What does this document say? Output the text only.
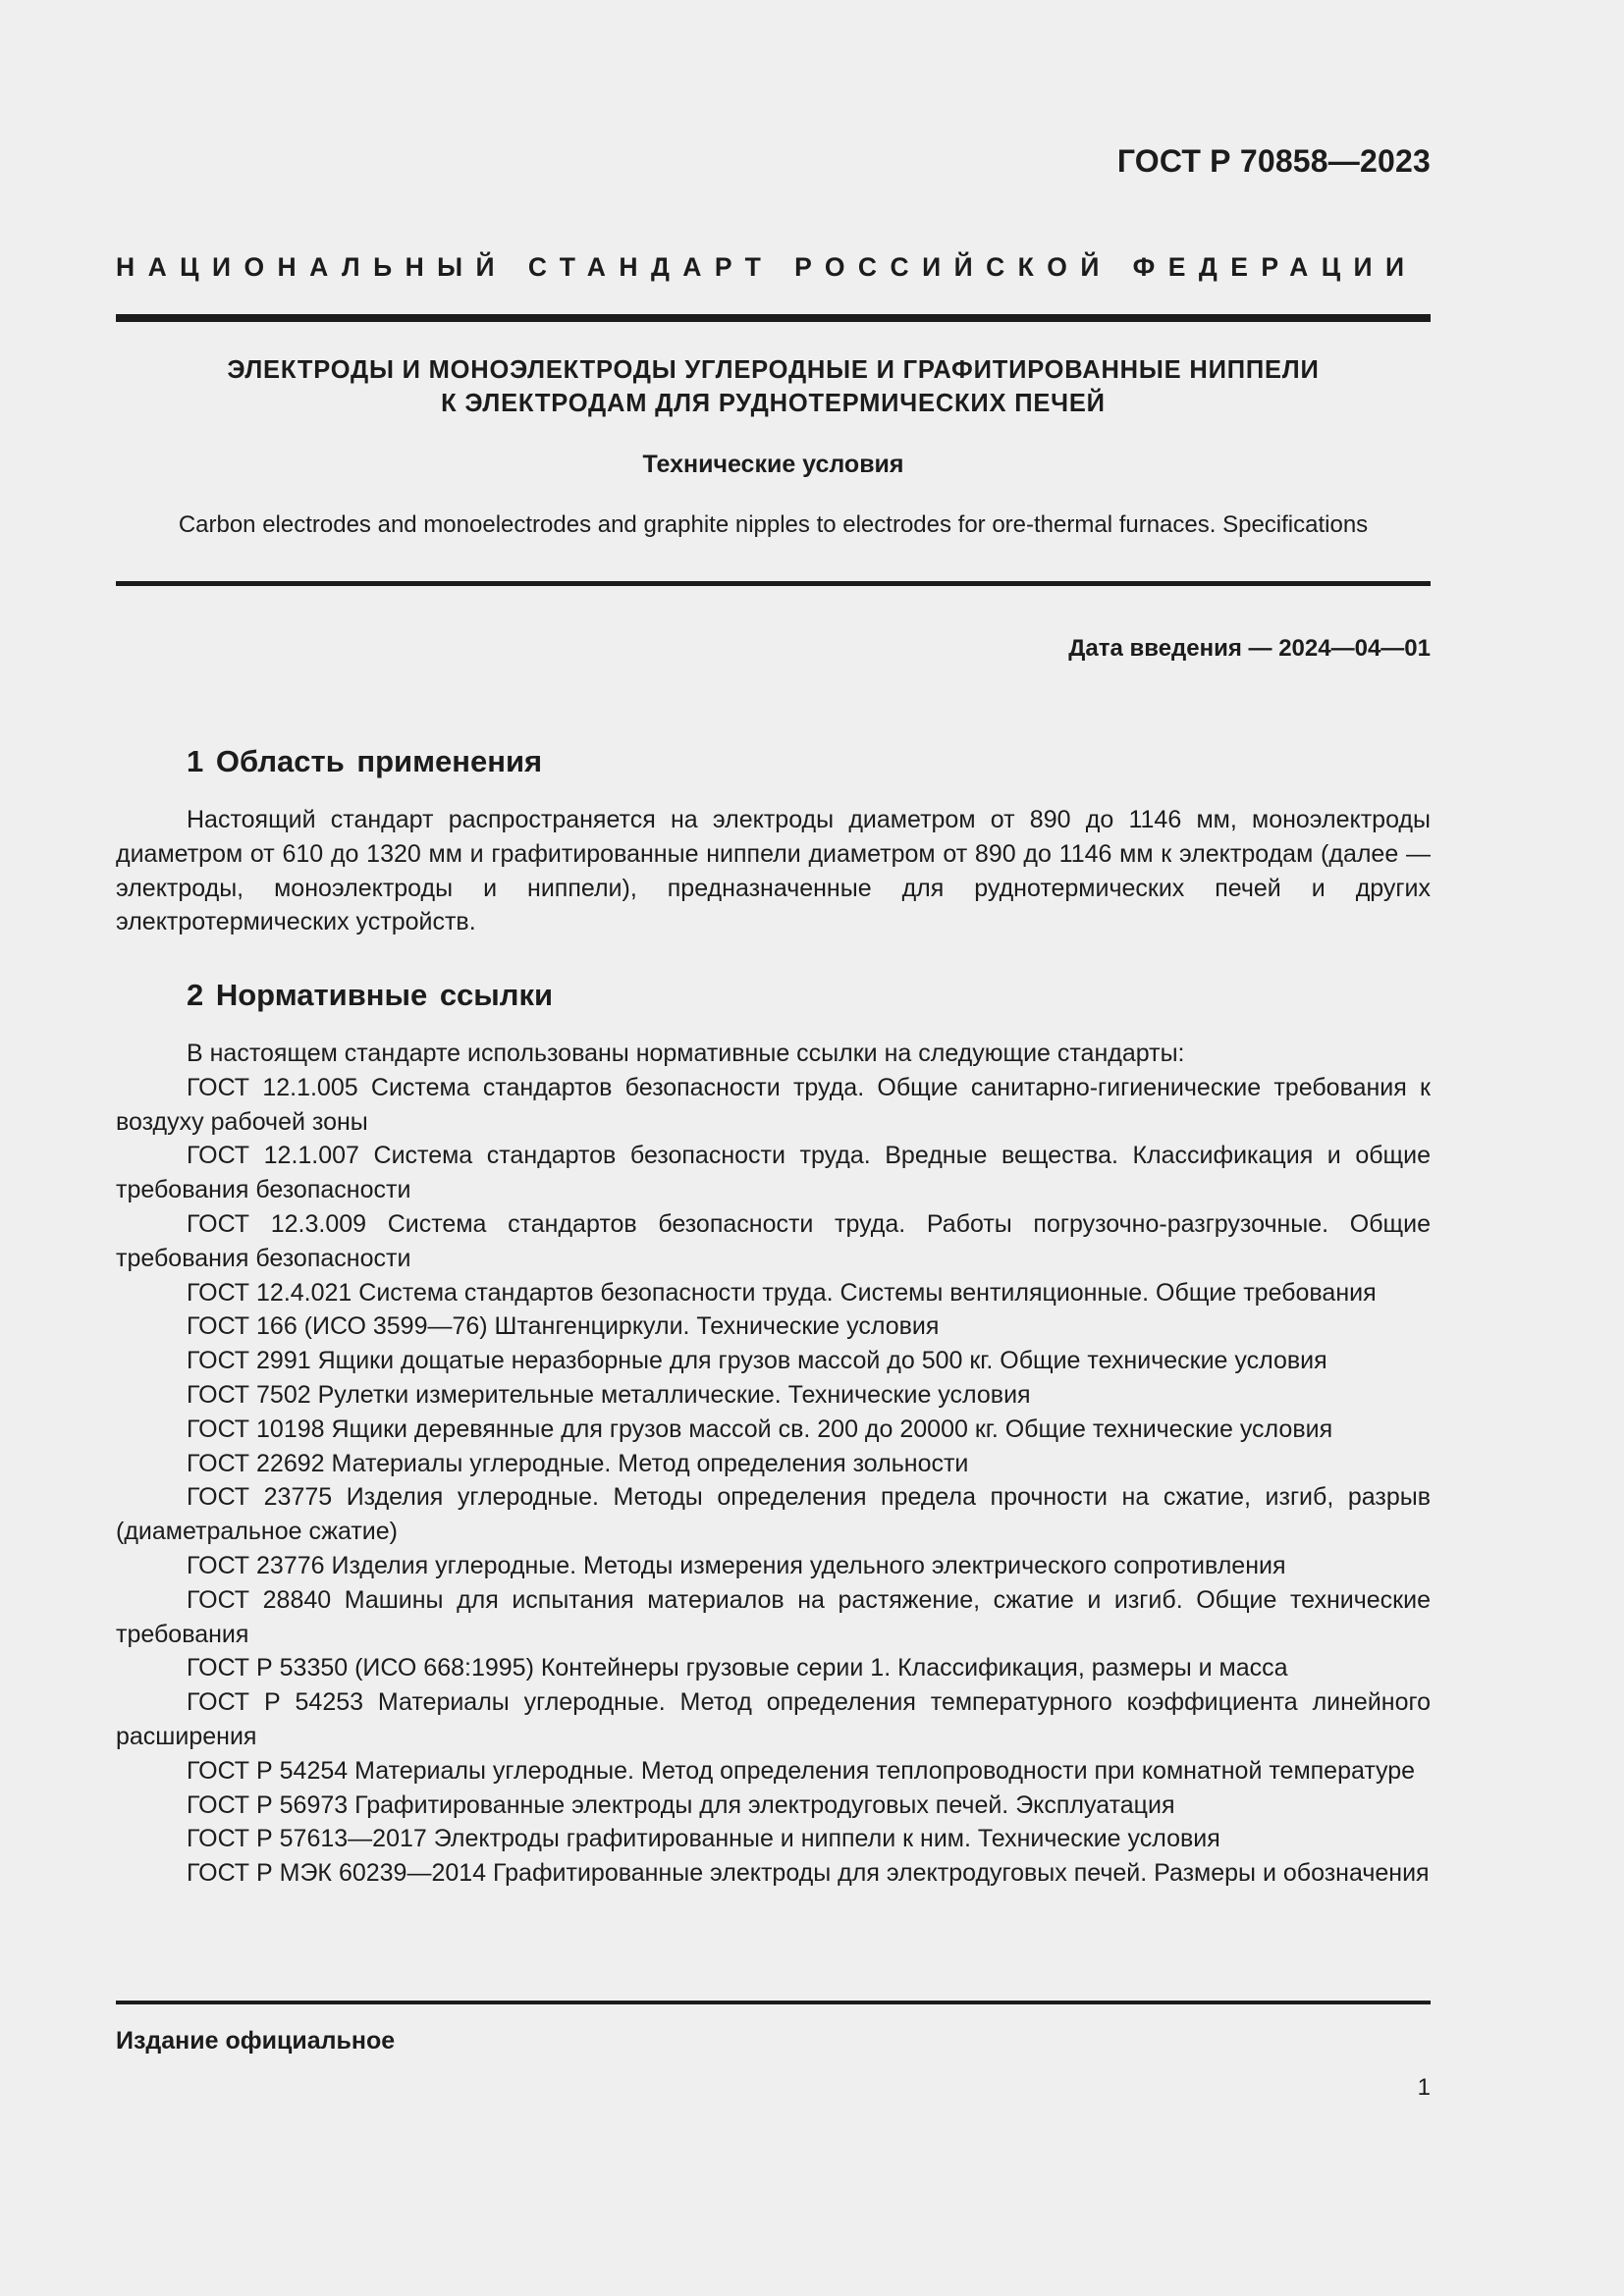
ГОСТ Р 70858—2023
НАЦИОНАЛЬНЫЙ СТАНДАРТ РОССИЙСКОЙ ФЕДЕРАЦИИ
ЭЛЕКТРОДЫ И МОНОЭЛЕКТРОДЫ УГЛЕРОДНЫЕ И ГРАФИТИРОВАННЫЕ НИППЕЛИ
К ЭЛЕКТРОДАМ ДЛЯ РУДНОТЕРМИЧЕСКИХ ПЕЧЕЙ
Технические условия
Carbon electrodes and monoelectrodes and graphite nipples to electrodes for ore-thermal furnaces. Specifications
Дата введения — 2024—04—01
1 Область применения

Настоящий стандарт распространяется на электроды диаметром от 890 до 1146 мм, моноэлектроды диаметром от 610 до 1320 мм и графитированные ниппели диаметром от 890 до 1146 мм к электродам (далее — электроды, моноэлектроды и ниппели), предназначенные для руднотермических печей и других электротермических устройств.

2 Нормативные ссылки

В настоящем стандарте использованы нормативные ссылки на следующие стандарты:

ГОСТ 12.1.005 Система стандартов безопасности труда. Общие санитарно-гигиенические требования к воздуху рабочей зоны

ГОСТ 12.1.007 Система стандартов безопасности труда. Вредные вещества. Классификация и общие требования безопасности

ГОСТ 12.3.009 Система стандартов безопасности труда. Работы погрузочно-разгрузочные. Общие требования безопасности

ГОСТ 12.4.021 Система стандартов безопасности труда. Системы вентиляционные. Общие требования

ГОСТ 166 (ИСО 3599—76) Штангенциркули. Технические условия

ГОСТ 2991 Ящики дощатые неразборные для грузов массой до 500 кг. Общие технические условия

ГОСТ 7502 Рулетки измерительные металлические. Технические условия

ГОСТ 10198 Ящики деревянные для грузов массой св. 200 до 20000 кг. Общие технические условия

ГОСТ 22692 Материалы углеродные. Метод определения зольности

ГОСТ 23775 Изделия углеродные. Методы определения предела прочности на сжатие, изгиб, разрыв (диаметральное сжатие)

ГОСТ 23776 Изделия углеродные. Методы измерения удельного электрического сопротивления

ГОСТ 28840 Машины для испытания материалов на растяжение, сжатие и изгиб. Общие технические требования

ГОСТ Р 53350 (ИСО 668:1995) Контейнеры грузовые серии 1. Классификация, размеры и масса

ГОСТ Р 54253 Материалы углеродные. Метод определения температурного коэффициента линейного расширения

ГОСТ Р 54254 Материалы углеродные. Метод определения теплопроводности при комнатной температуре

ГОСТ Р 56973 Графитированные электроды для электродуговых печей. Эксплуатация

ГОСТ Р 57613—2017 Электроды графитированные и ниппели к ним. Технические условия

ГОСТ Р МЭК 60239—2014 Графитированные электроды для электродуговых печей. Размеры и обозначения

Издание официальное
1
